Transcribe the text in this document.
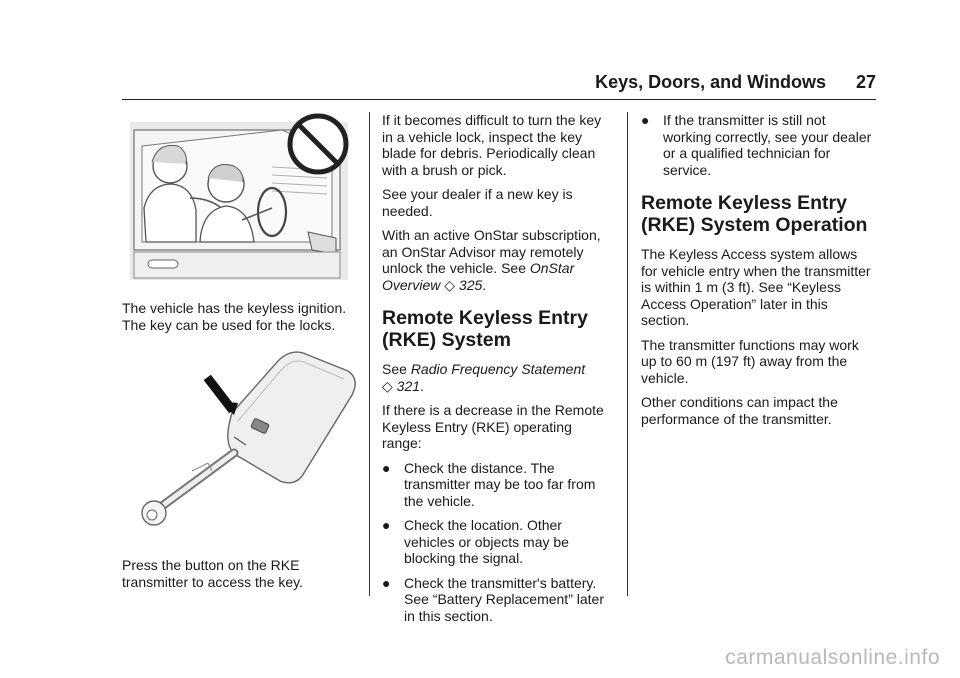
Keys, Doors, and Windows 27

The vehicle has the keyless ignition. The key can be used for the locks.

Press the button on the RKE transmitter to access the key.

If it becomes difficult to turn the key in a vehicle lock, inspect the key blade for debris. Periodically clean with a brush or pick.

See your dealer if a new key is needed.

With an active OnStar subscription, an OnStar Advisor may remotely unlock the vehicle. See OnStar Overview ◇ 325.

Remote Keyless Entry
(RKE) System

See Radio Frequency Statement
◇ 321.

If there is a decrease in the Remote Keyless Entry (RKE) operating range:

● Check the distance. The transmitter may be too far from the vehicle.
● Check the location. Other vehicles or objects may be blocking the signal.
● Check the transmitter's battery. See “Battery Replacement” later in this section.
● If the transmitter is still not working correctly, see your dealer or a qualified technician for service.
Remote Keyless Entry
(RKE) System Operation

The Keyless Access system allows for vehicle entry when the transmitter is within 1 m (3 ft). See “Keyless Access Operation” later in this section.

The transmitter functions may work up to 60 m (197 ft) away from the vehicle.

Other conditions can impact the performance of the transmitter.

carmanualsonline.info
